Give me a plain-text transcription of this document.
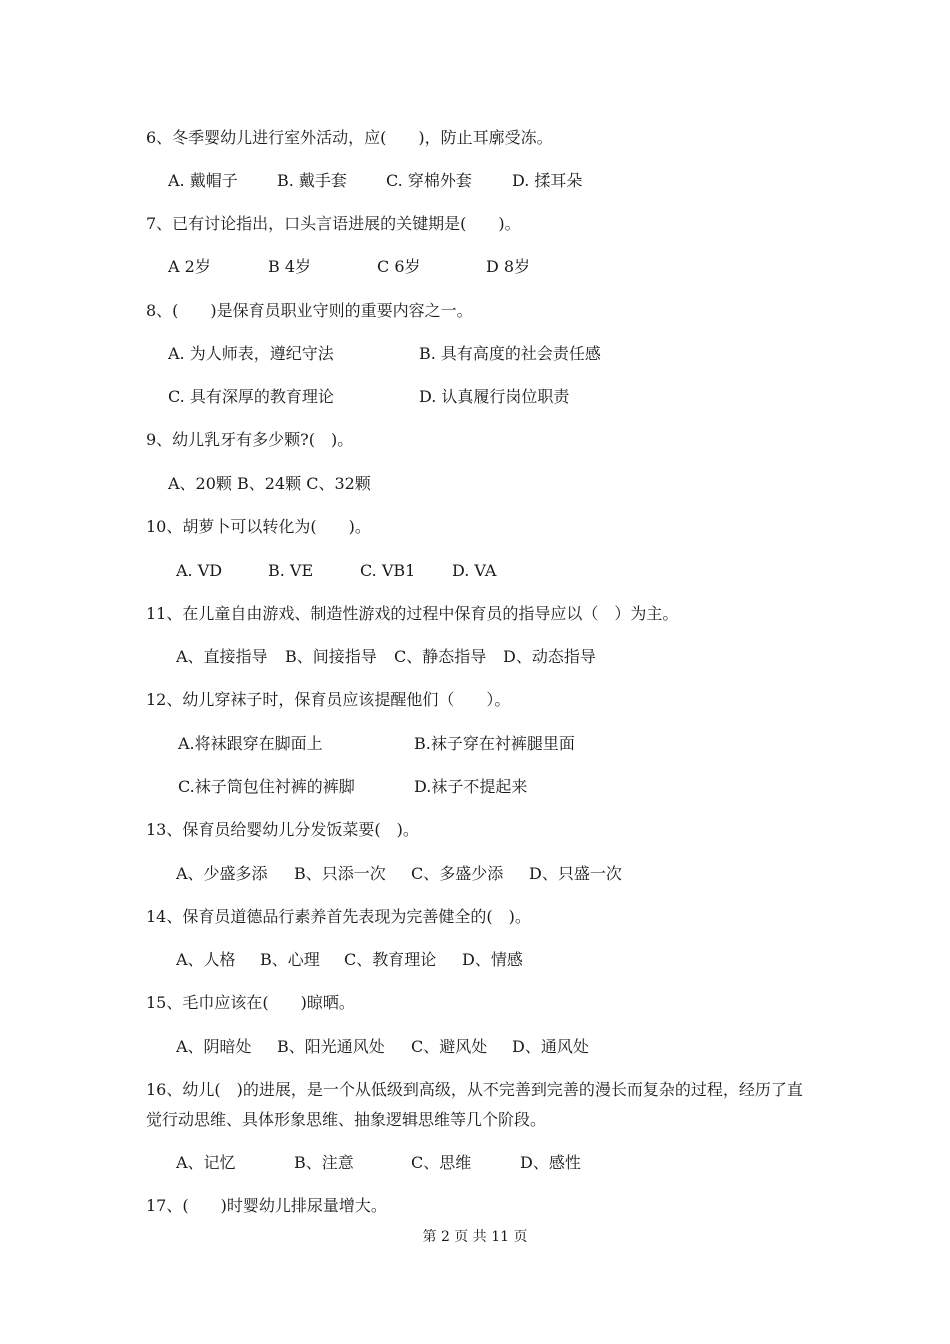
6、冬季婴幼儿进行室外活动，应(　　)，防止耳廓受冻。
A. 戴帽子 B. 戴手套 C. 穿棉外套	D. 揉耳朵
7、已有讨论指出，口头言语进展的关键期是(　　)。
A 2岁	B 4岁	C 6岁	D 8岁
8、(　　)是保育员职业守则的重要内容之一。
A. 为人师表，遵纪守法	B. 具有高度的社会责任感
C. 具有深厚的教育理论	D. 认真履行岗位职责
9、幼儿乳牙有多少颗?(　)。
A、20颗 B、24颗 C、32颗
10、胡萝卜可以转化为(　　)。
A. VD	B. VE	C. VB1 D. VA
11、在儿童自由游戏、制造性游戏的过程中保育员的指导应以（　）为主。
A、直接指导 B、间接指导 C、静态指导 D、动态指导
12、幼儿穿袜子时，保育员应该提醒他们（　　）。
A.将袜跟穿在脚面上	B.袜子穿在衬裤腿里面
C.袜子筒包住衬裤的裤脚	D.袜子不提起来
13、保育员给婴幼儿分发饭菜要(　)。
A、少盛多添 B、只添一次 C、多盛少添 D、只盛一次
14、保育员道德品行素养首先表现为完善健全的(　)。
A、人格 B、心理 C、教育理论 D、情感
15、毛巾应该在(　　)晾晒。
A、阴暗处 B、阳光通风处 C、避风处 D、通风处
16、幼儿(　)的进展，是一个从低级到高级，从不完善到完善的漫长而复杂的过程，经历了直觉行动思维、具体形象思维、抽象逻辑思维等几个阶段。
A、记忆	B、注意	C、思维	D、感性
17、(　　)时婴幼儿排尿量增大。
第 2 页 共 11 页
